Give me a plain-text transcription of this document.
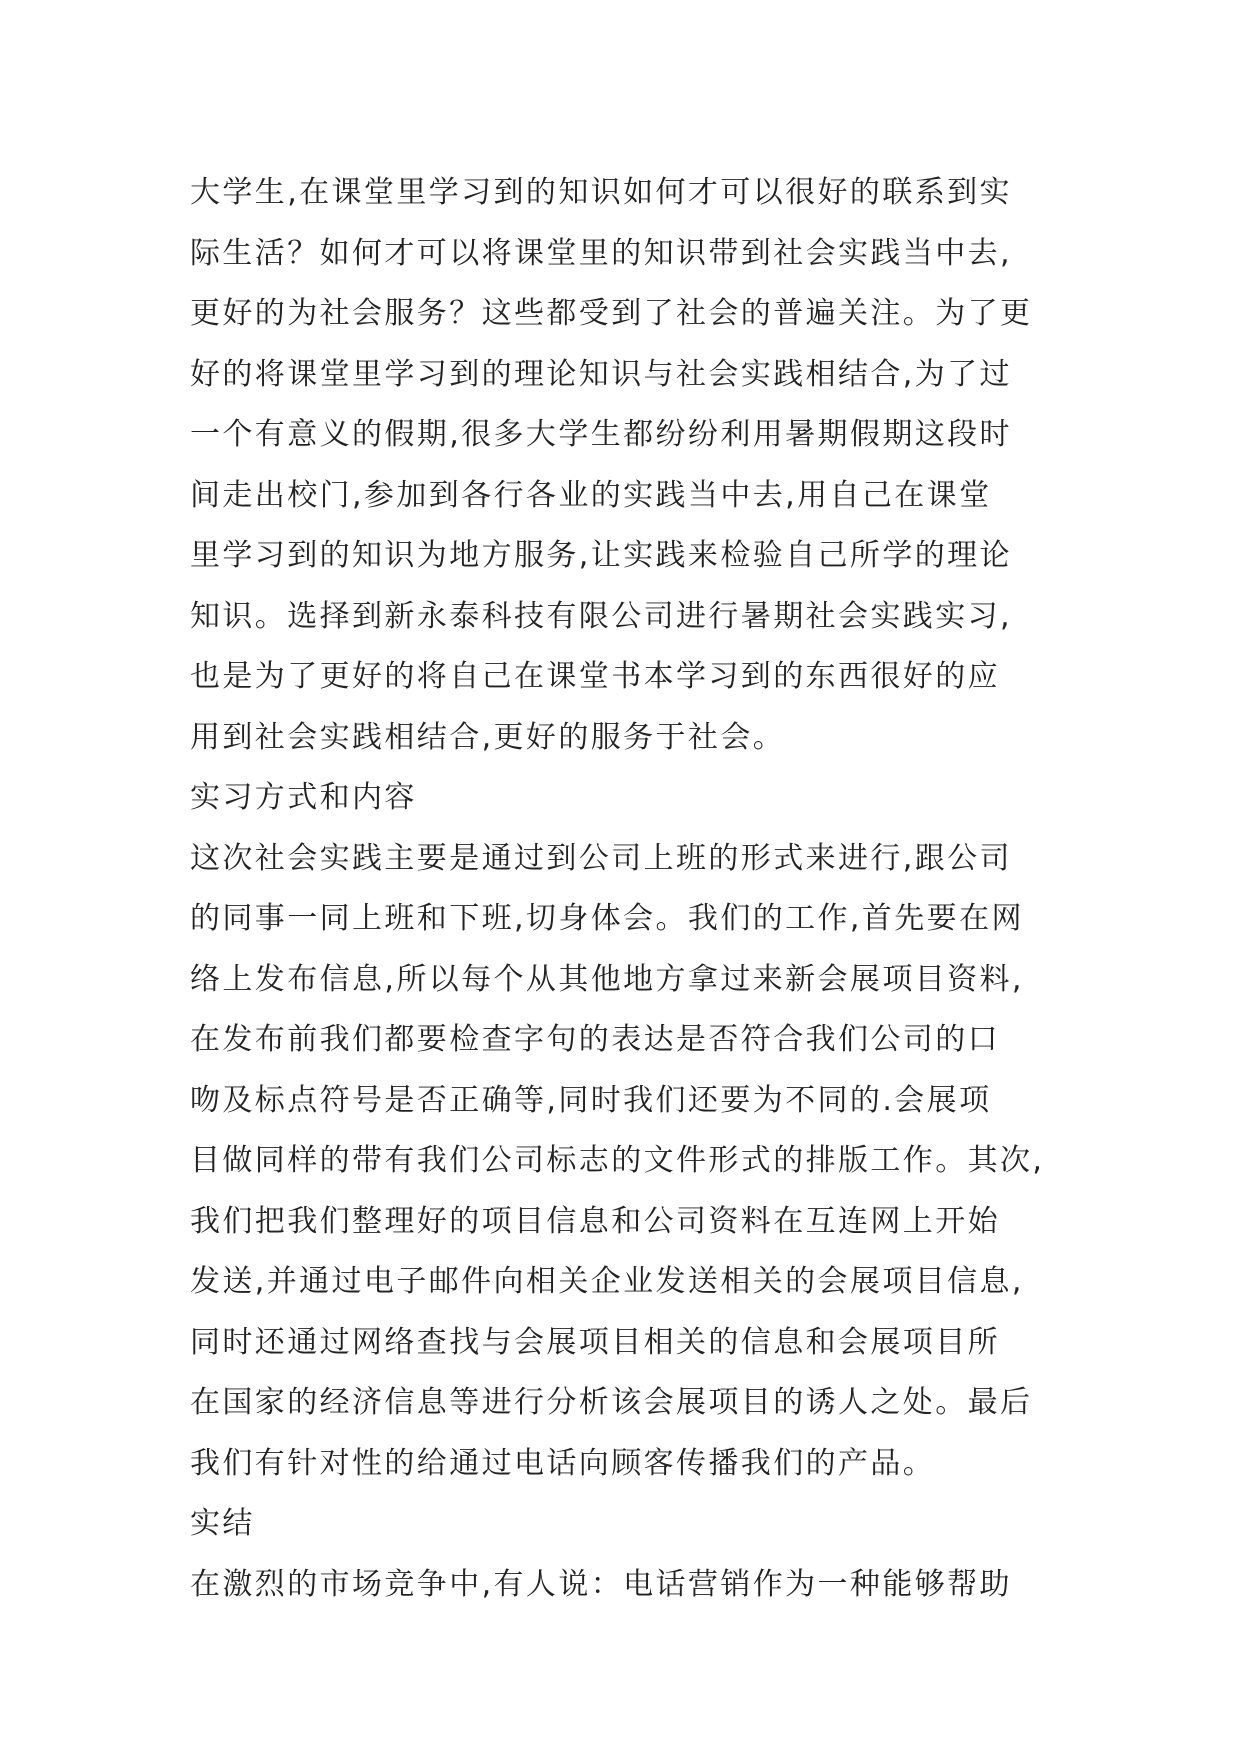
大学生,在课堂里学习到的知识如何才可以很好的联系到实
际生活？如何才可以将课堂里的知识带到社会实践当中去,
更好的为社会服务？这些都受到了社会的普遍关注。为了更
好的将课堂里学习到的理论知识与社会实践相结合,为了过
一个有意义的假期,很多大学生都纷纷利用暑期假期这段时
间走出校门,参加到各行各业的实践当中去,用自己在课堂
里学习到的知识为地方服务,让实践来检验自己所学的理论
知识。选择到新永泰科技有限公司进行暑期社会实践实习,
也是为了更好的将自己在课堂书本学习到的东西很好的应
用到社会实践相结合,更好的服务于社会。
实习方式和内容
这次社会实践主要是通过到公司上班的形式来进行,跟公司
的同事一同上班和下班,切身体会。我们的工作,首先要在网
络上发布信息,所以每个从其他地方拿过来新会展项目资料,
在发布前我们都要检查字句的表达是否符合我们公司的口
吻及标点符号是否正确等,同时我们还要为不同的.会展项
目做同样的带有我们公司标志的文件形式的排版工作。其次,
我们把我们整理好的项目信息和公司资料在互连网上开始
发送,并通过电子邮件向相关企业发送相关的会展项目信息,
同时还通过网络查找与会展项目相关的信息和会展项目所
在国家的经济信息等进行分析该会展项目的诱人之处。最后
我们有针对性的给通过电话向顾客传播我们的产品。
实结
在激烈的市场竞争中,有人说：电话营销作为一种能够帮助
